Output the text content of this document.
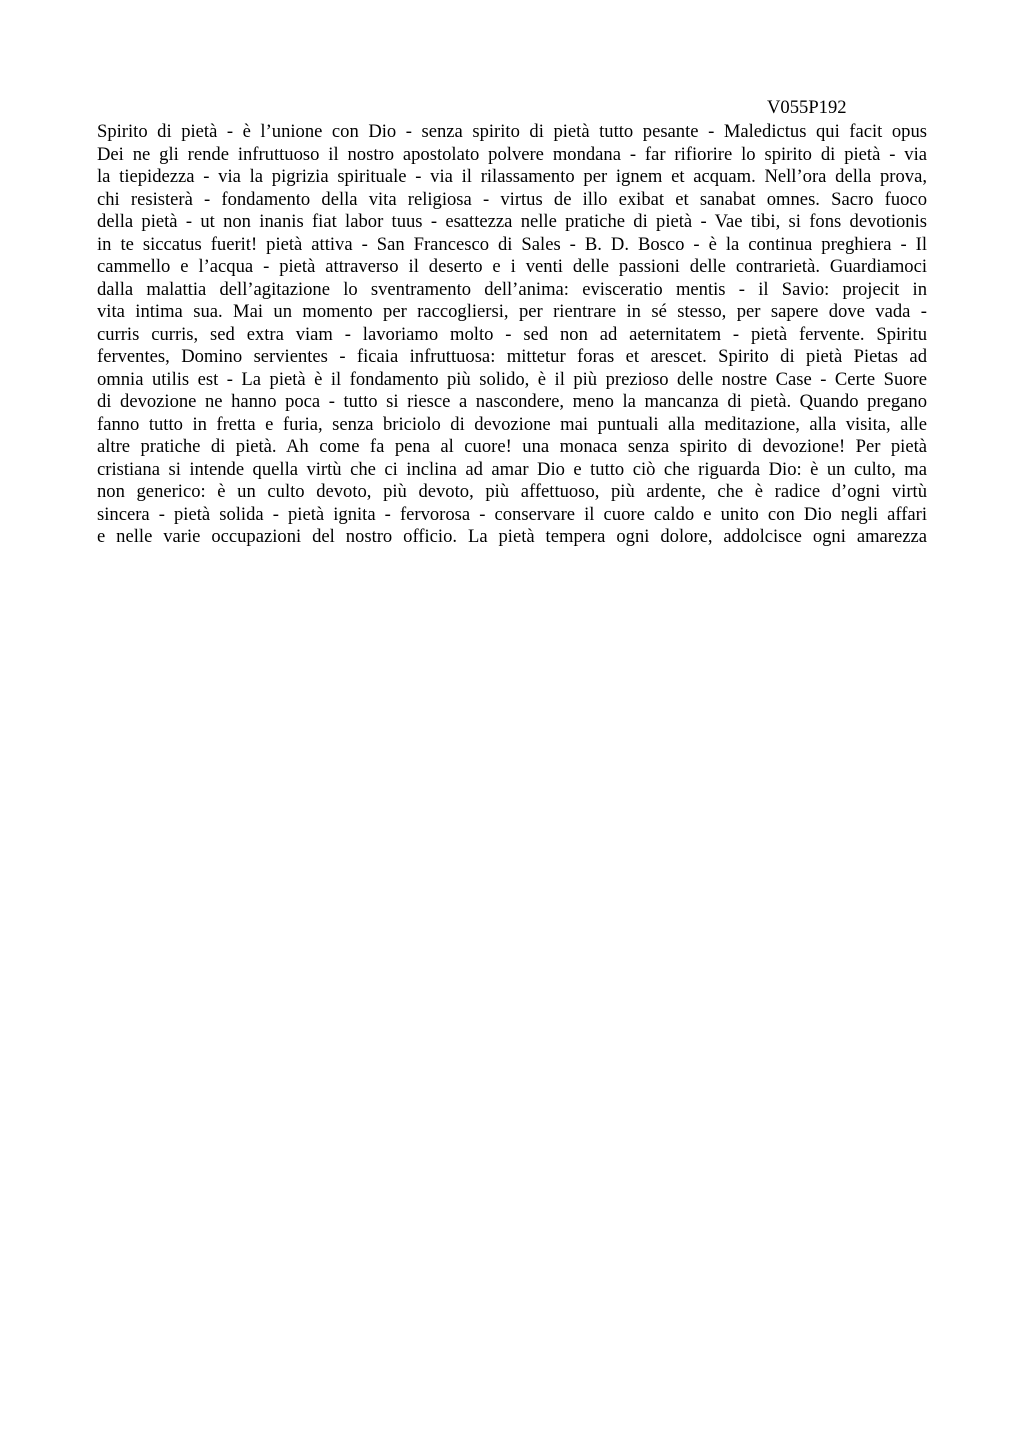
V055P192
Spirito di pietà - è l’unione con Dio - senza spirito di pietà tutto pesante - Maledictus qui facit opus
Dei ne gli rende infruttuoso il nostro apostolato polvere mondana - far rifiorire lo spirito di pietà - via
la tiepidezza - via la pigrizia spirituale - via il rilassamento per ignem et acquam. Nell’ora della prova,
chi resisterà - fondamento della vita religiosa - virtus de illo exibat et sanabat omnes. Sacro fuoco
della pietà - ut non inanis fiat labor tuus - esattezza nelle pratiche di pietà - Vae tibi, si fons devotionis
in te siccatus fuerit! pietà attiva - San Francesco di Sales - B. D. Bosco - è la continua preghiera - Il
cammello e l’acqua - pietà attraverso il deserto e i venti delle passioni delle contrarietà. Guardiamoci
dalla malattia dell’agitazione lo sventramento dell’anima: evisceratio mentis - il Savio: projecit in
vita intima sua. Mai un momento per raccogliersi, per rientrare in sé stesso, per sapere dove vada -
curris curris, sed extra viam - lavoriamo molto - sed non ad aeternitatem - pietà fervente. Spiritu
ferventes, Domino servientes - ficaia infruttuosa: mittetur foras et arescet. Spirito di pietà Pietas ad
omnia utilis est - La pietà è il fondamento più solido, è il più prezioso delle nostre Case - Certe Suore
di devozione ne hanno poca - tutto si riesce a nascondere, meno la mancanza di pietà. Quando pregano
fanno tutto in fretta e furia, senza briciolo di devozione mai puntuali alla meditazione, alla visita, alle
altre pratiche di pietà. Ah come fa pena al cuore! una monaca senza spirito di devozione! Per pietà
cristiana si intende quella virtù che ci inclina ad amar Dio e tutto ciò che riguarda Dio: è un culto, ma
non generico: è un culto devoto, più devoto, più affettuoso, più ardente, che è radice d’ogni virtù
sincera - pietà solida - pietà ignita - fervorosa - conservare il cuore caldo e unito con Dio negli affari
e nelle varie occupazioni del nostro officio. La pietà tempera ogni dolore, addolcisce ogni amarezza
